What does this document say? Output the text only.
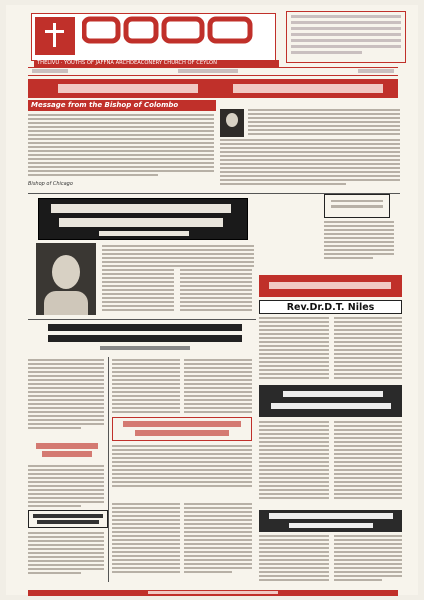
THELIVU · YOUTHS OF JAFFNA ARCHDEACONERY CHURCH OF CEYLON
Message from the Bishop of Colombo
Bishop of Chicago
Rev.Dr.D.T. Niles
